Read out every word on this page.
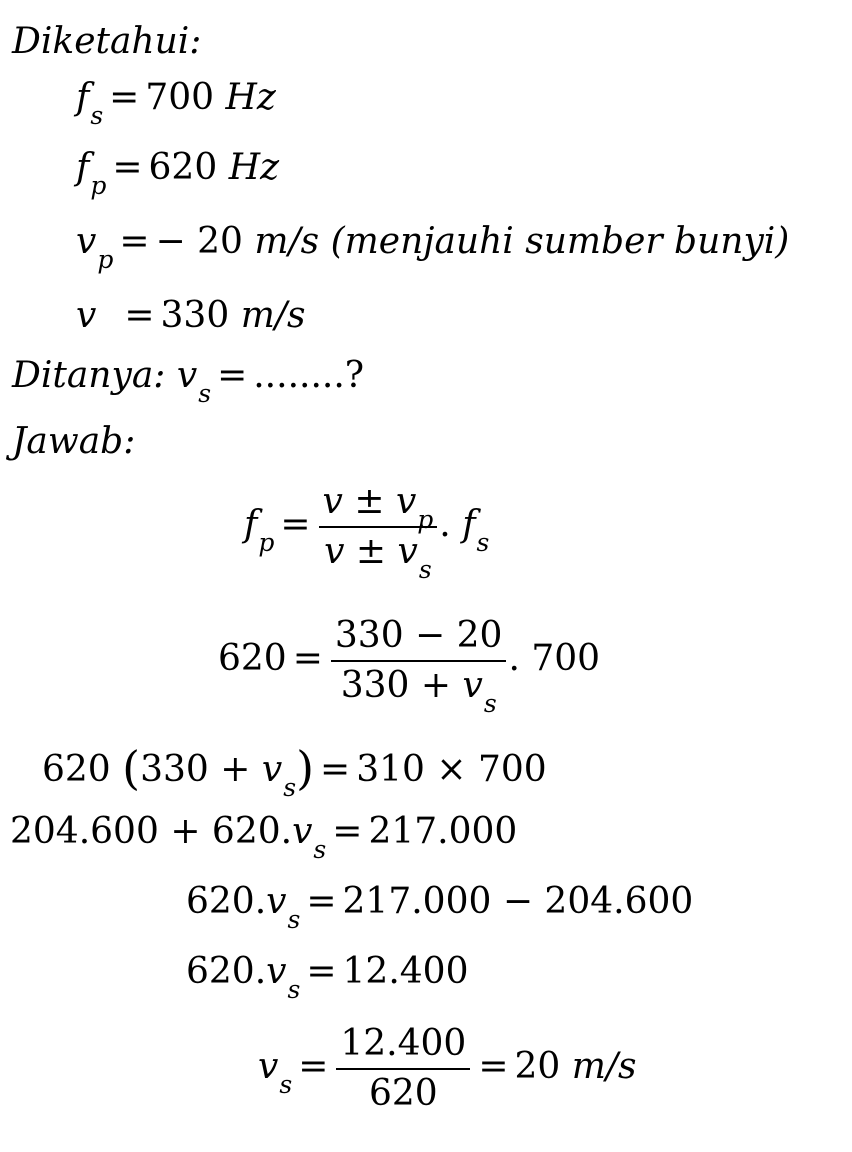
Diketahui:
$f_s = 700$ Hz
$f_p = 620$ Hz
$v_p$ = − 20 m/s (menjauhi sumber bunyi)
v = 330 m/s
Ditanya: $v_s$ = ........?
Jawab:
$f_p = \frac{v \pm v_p}{v \pm v_s}$ . $f_s$
$620 = \frac{330 - 20}{330 + v_s}$ . 700
620 $(330 + v_s) = 310 \times 700$
$204.600 + 620.v_s = 217.000$
$620.v_s = 217.000 - 204.600$
$620.v_s = 12.400$
$v_s = \frac{12.400}{620} = 20$ m/s
